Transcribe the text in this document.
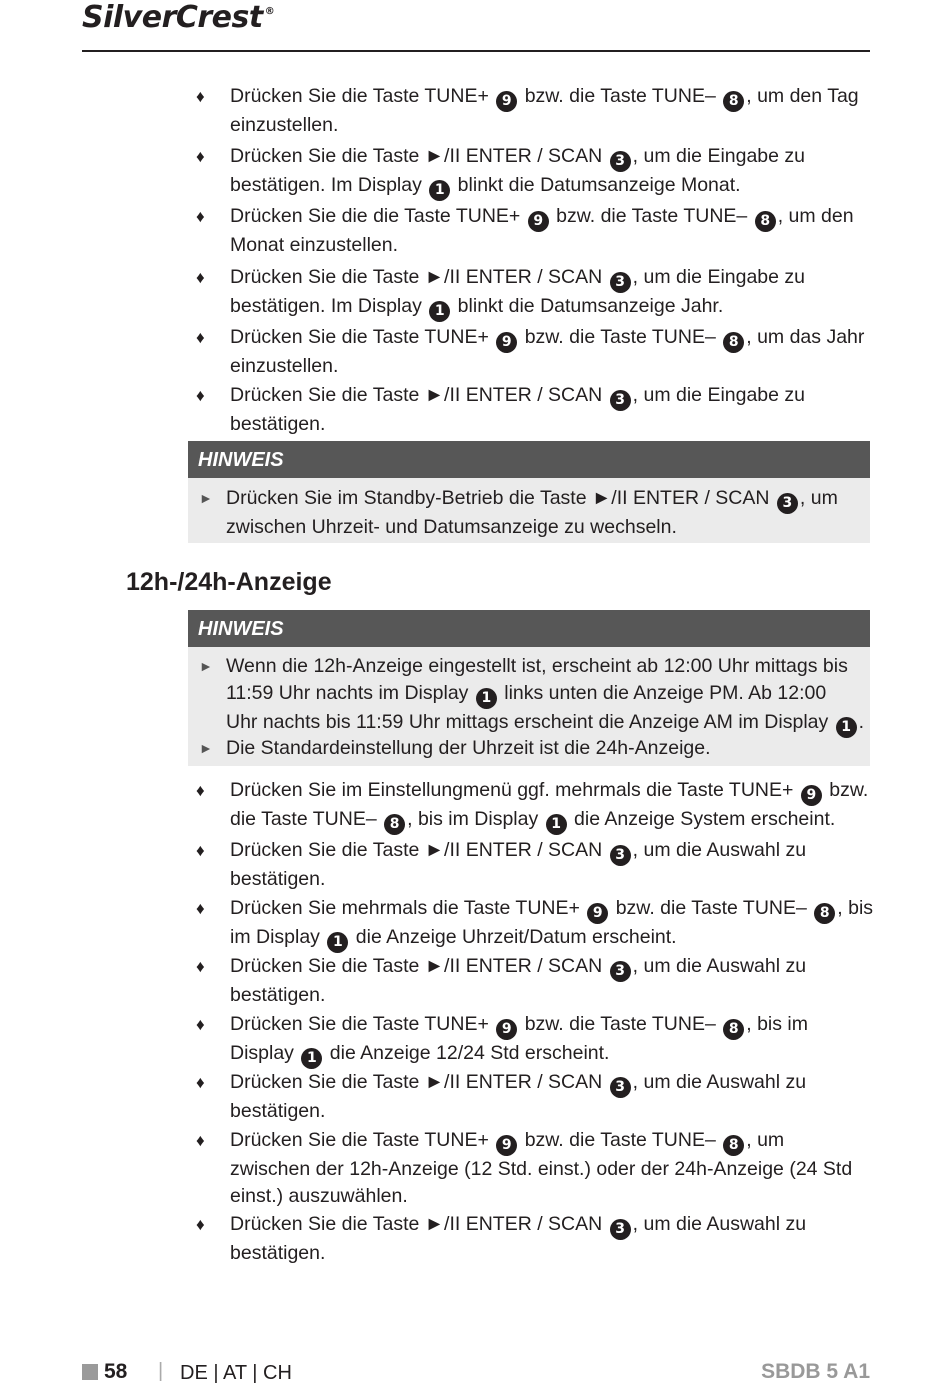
SilverCrest ®
HINWEIS
► Drücken Sie im Standby-Betrieb die Taste ►/II ENTER / SCAN 3 , um
zwischen Uhrzeit- und Datumsanzeige zu wechseln.
12h-/24h-Anzeige
HINWEIS
► Wenn die 12h-Anzeige eingestellt ist, erscheint ab 12:00 Uhr mittags bis
11:59 Uhr nachts im Display 1 links unten die Anzeige PM. Ab 12:00
Uhr nachts bis 11:59 Uhr mittags erscheint die Anzeige AM im Display 1 .
► Die Standardeinstellung der Uhrzeit ist die 24h-Anzeige.
♦ Drücken Sie die Taste TUNE+ 9 bzw. die Taste TUNE– 8 , um den Tag
einzustellen.
♦ Drücken Sie die Taste ►/II ENTER / SCAN 3 , um die Eingabe zu
bestätigen. Im Display 1 blinkt die Datumsanzeige Monat.
♦ Drücken Sie die die Taste TUNE+ 9 bzw. die Taste TUNE– 8 , um den
Monat einzustellen.
♦ Drücken Sie die Taste ►/II ENTER / SCAN 3 , um die Eingabe zu
bestätigen. Im Display 1 blinkt die Datumsanzeige Jahr.
♦ Drücken Sie die Taste TUNE+ 9 bzw. die Taste TUNE– 8 , um das Jahr
einzustellen.
♦ Drücken Sie die Taste ►/II ENTER / SCAN 3 , um die Eingabe zu
bestätigen.
♦ Drücken Sie im Einstellungmenü ggf. mehrmals die Taste TUNE+ 9 bzw.
die Taste TUNE– 8 , bis im Display 1 die Anzeige System erscheint.
♦ Drücken Sie die Taste ►/II ENTER / SCAN 3 , um die Auswahl zu
bestätigen.
♦ Drücken Sie mehrmals die Taste TUNE+ 9 bzw. die Taste TUNE– 8 , bis
im Display 1 die Anzeige Uhrzeit/Datum erscheint.
♦ Drücken Sie die Taste ►/II ENTER / SCAN 3 , um die Auswahl zu
bestätigen.
♦ Drücken Sie die Taste TUNE+ 9 bzw. die Taste TUNE– 8 , bis im
Display 1 die Anzeige 12/24 Std erscheint.
♦ Drücken Sie die Taste ►/II ENTER / SCAN 3 , um die Auswahl zu
bestätigen.
♦ Drücken Sie die Taste TUNE+ 9 bzw. die Taste TUNE– 8 , um
zwischen der 12h-Anzeige (12 Std. einst.) oder der 24h-Anzeige (24 Std
einst.) auszuwählen.
♦ Drücken Sie die Taste ►/II ENTER / SCAN 3 , um die Auswahl zu
bestätigen.
58 | DE | AT | CH	SBDB 5 A1
